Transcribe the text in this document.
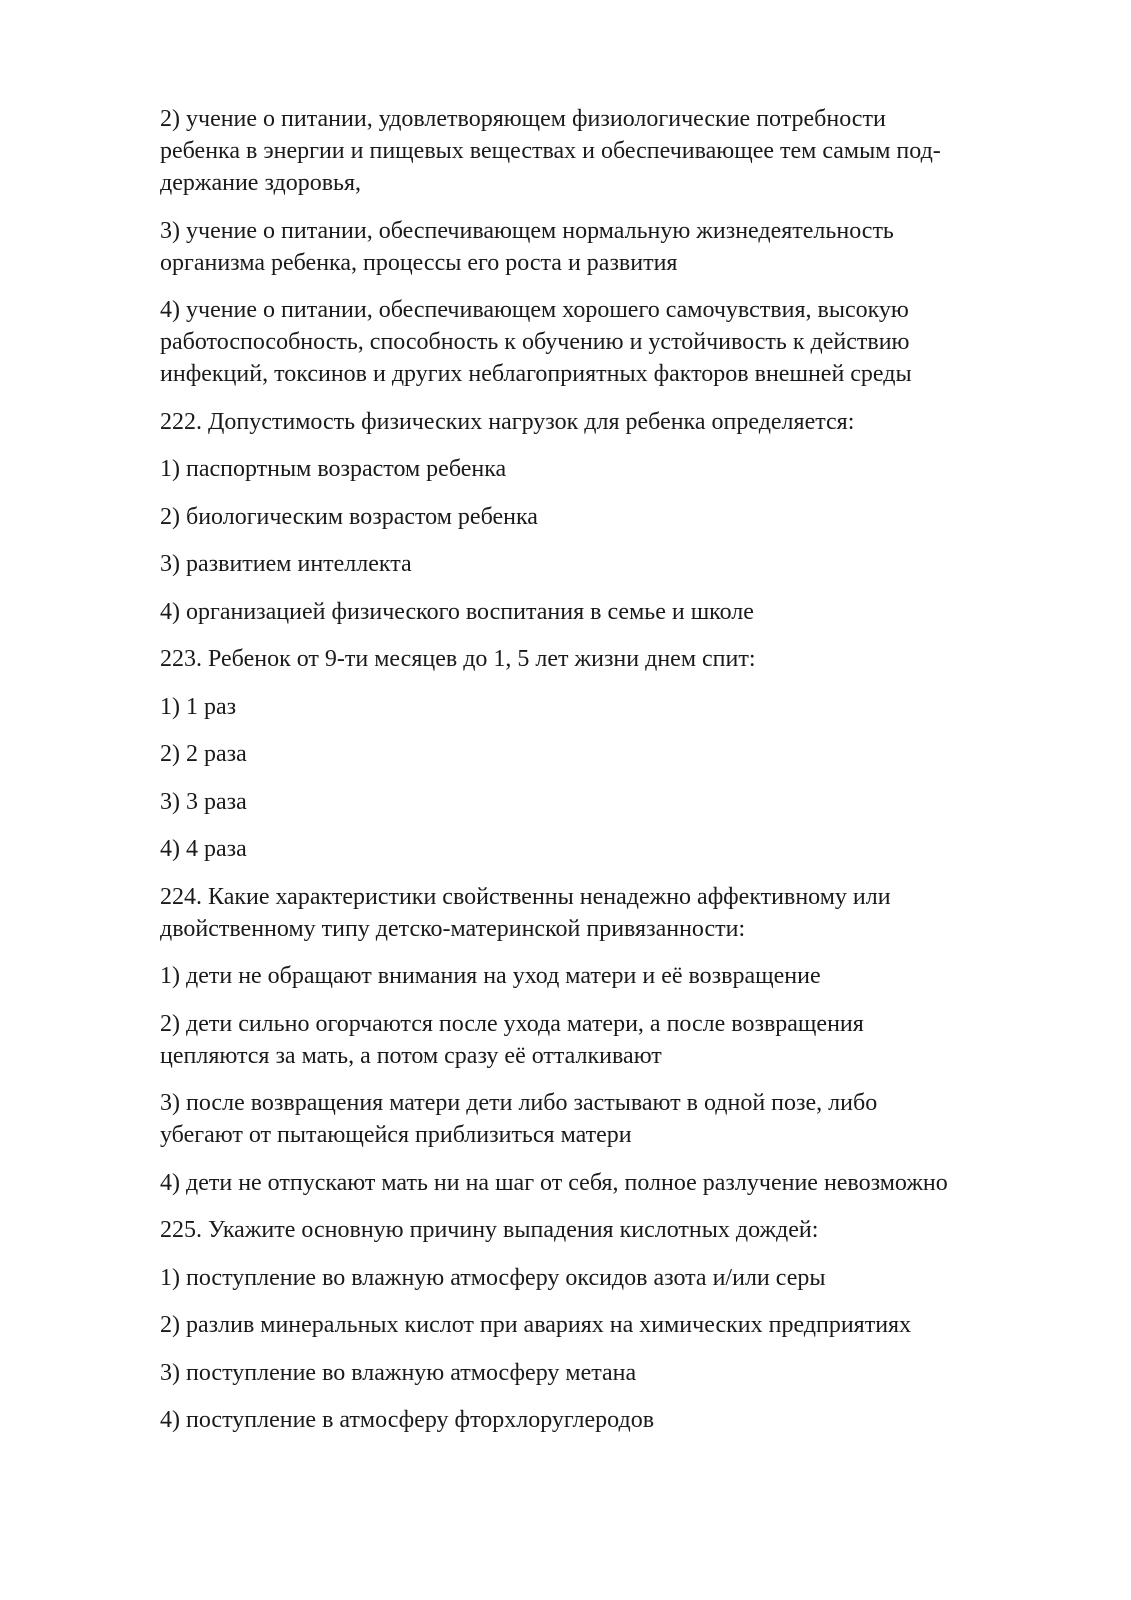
2) учение о питании, удовлетворяющем физиологические потребности
ребенка в энергии и пищевых веществах и обеспечивающее тем самым под-
держание здоровья,

3) учение о питании, обеспечивающем нормальную жизнедеятельность
организма ребенка, процессы его роста и развития

4) учение о питании, обеспечивающем хорошего самочувствия, высокую
работоспособность, способность к обучению и устойчивость к действию
инфекций, токсинов и других неблагоприятных факторов внешней среды

222. Допустимость физических нагрузок для ребенка определяется:

1) паспортным возрастом ребенка

2) биологическим возрастом ребенка

3) развитием интеллекта

4) организацией физического воспитания в семье и школе

223. Ребенок от 9-ти месяцев до 1, 5 лет жизни днем спит:

1) 1 раз

2) 2 раза

3) 3 раза

4) 4 раза

224. Какие характеристики свойственны ненадежно аффективному или
двойственному типу детско-материнской привязанности:

1) дети не обращают внимания на уход матери и её возвращение

2) дети сильно огорчаются после ухода матери, а после возвращения
цепляются за мать, а потом сразу её отталкивают

3) после возвращения матери дети либо застывают в одной позе, либо
убегают от пытающейся приблизиться матери

4) дети не отпускают мать ни на шаг от себя, полное разлучение невозможно

225. Укажите основную причину выпадения кислотных дождей:

1) поступление во влажную атмосферу оксидов азота и/или серы

2) разлив минеральных кислот при авариях на химических предприятиях

3) поступление во влажную атмосферу метана

4) поступление в атмосферу фторхлоруглеродов
